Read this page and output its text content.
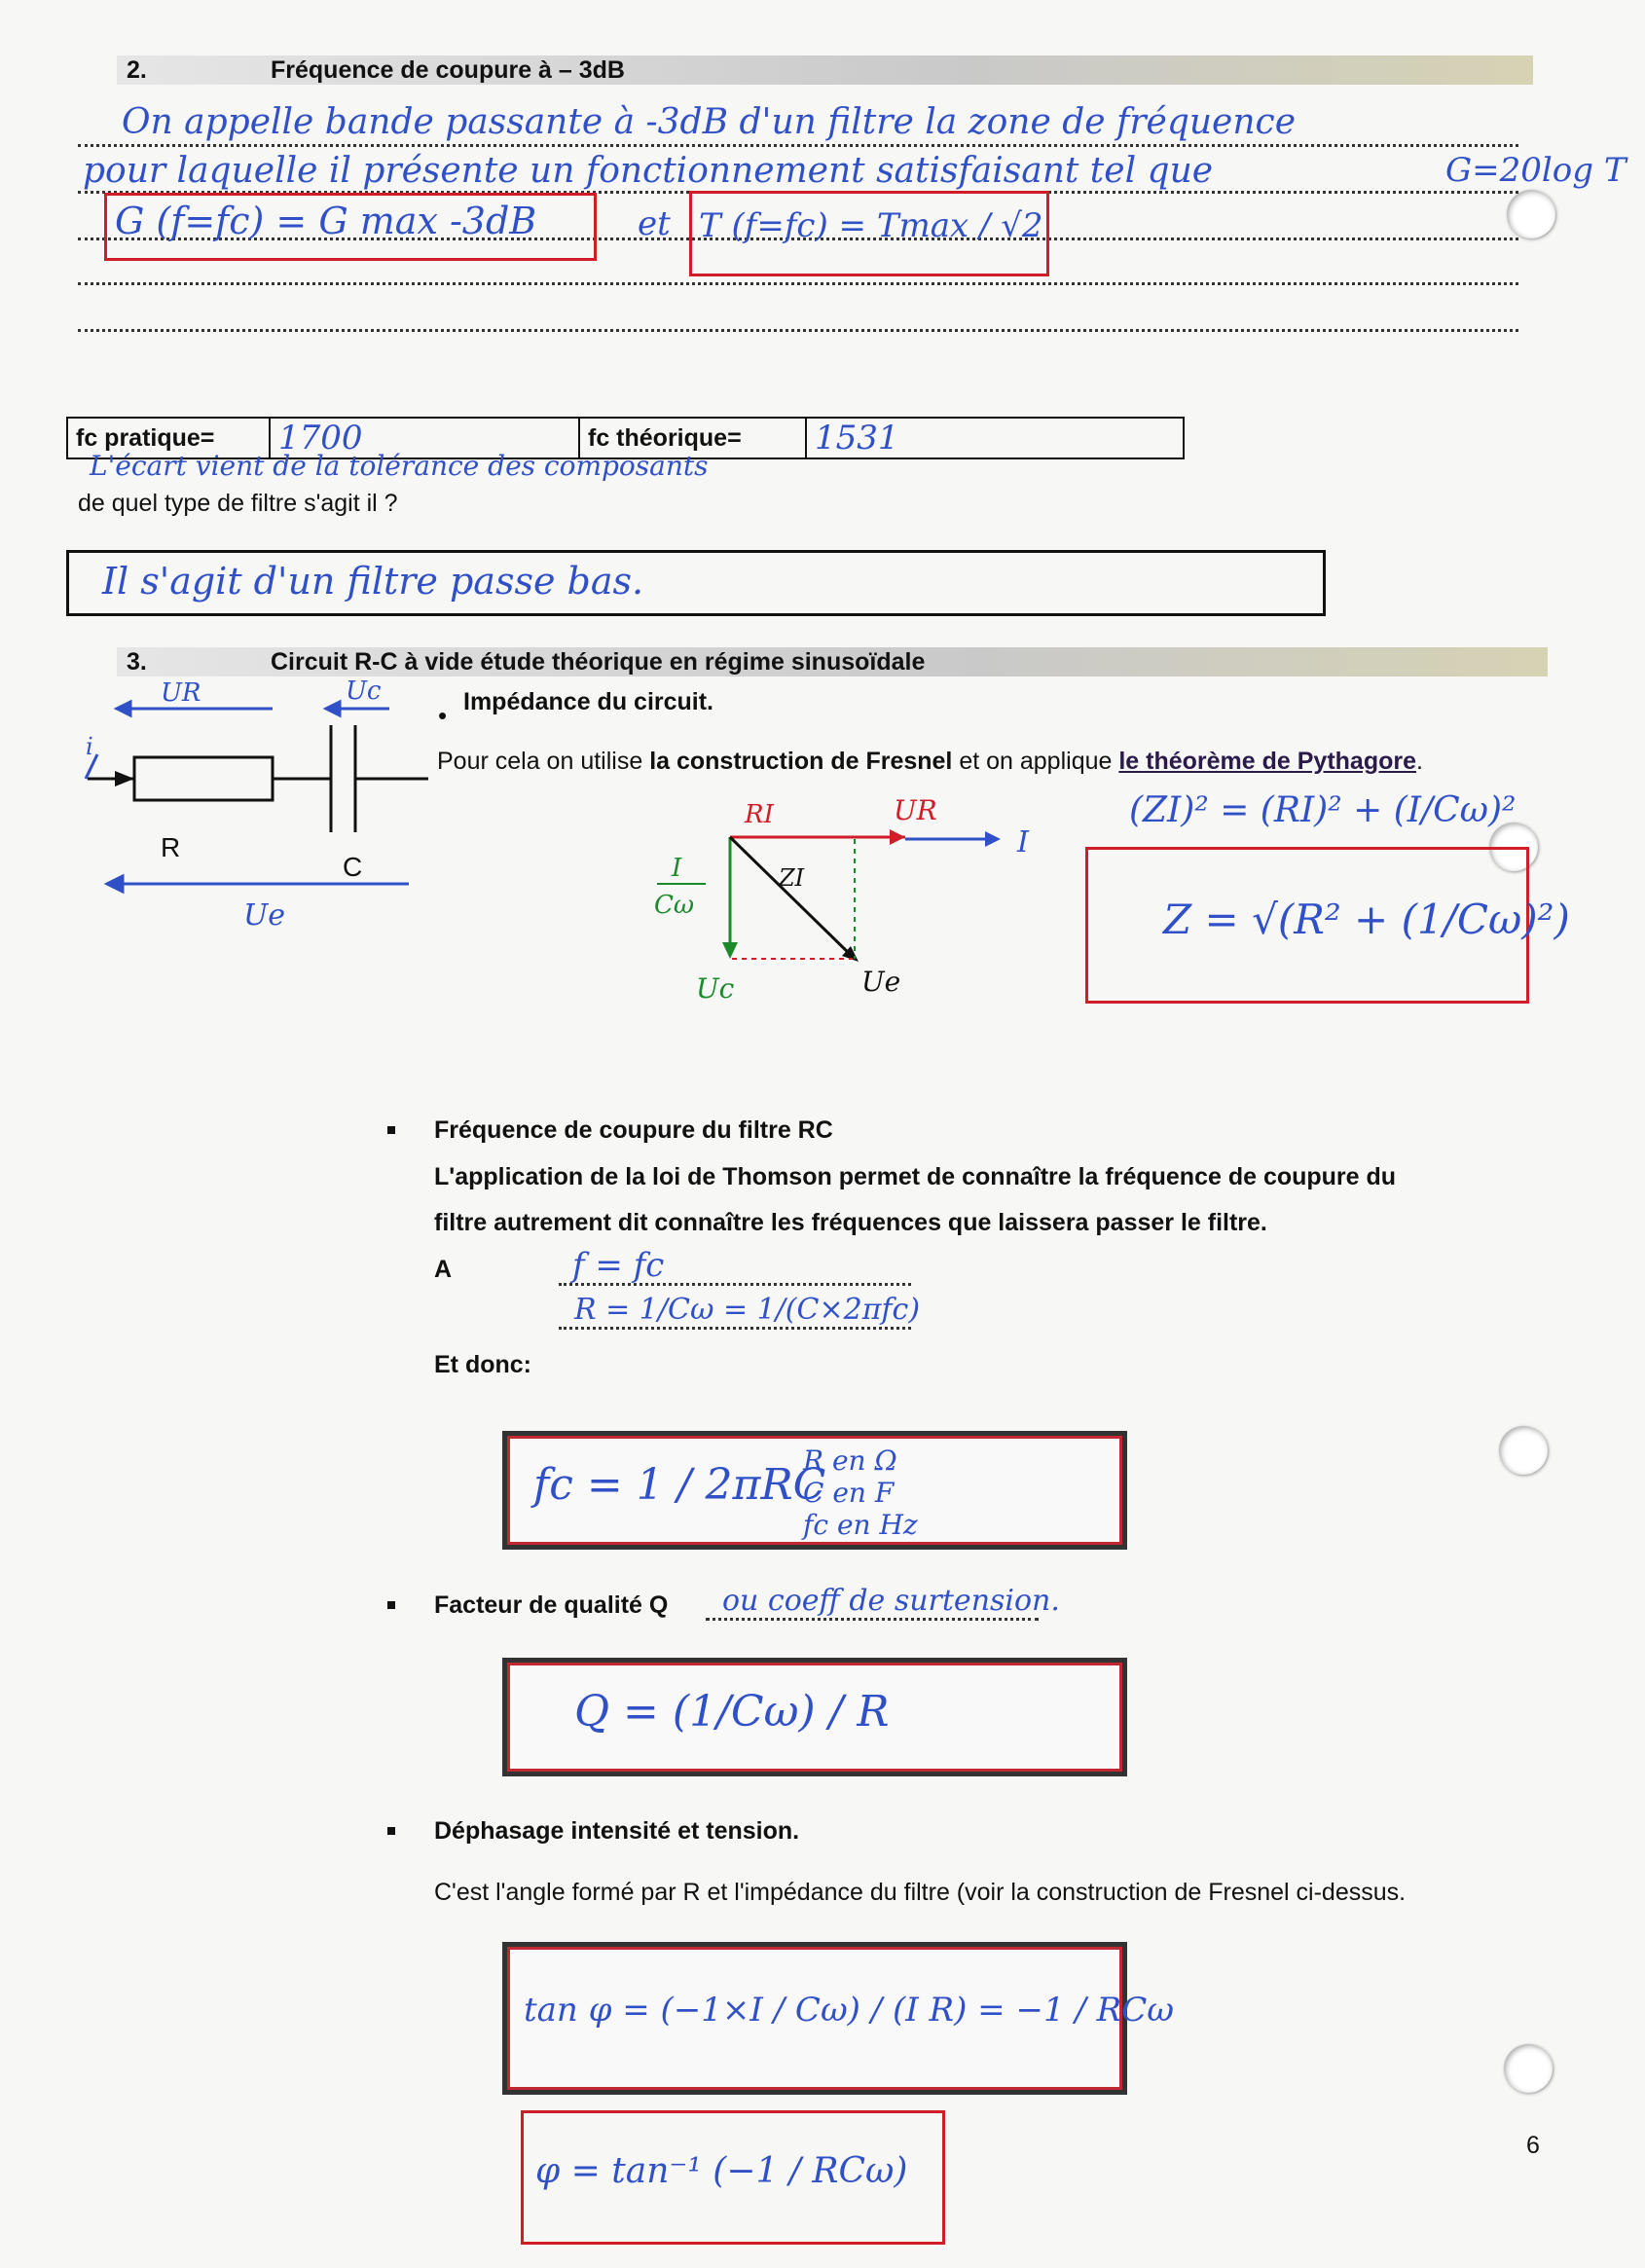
2.	Fréquence de coupure à – 3dB
On appelle bande passante à -3dB d'un filtre la zone de fréquence
pour laquelle il présente un fonctionnement satisfaisant tel que	G=20log T
G (f=fc) = G max -3dB	et T (f=fc) = Tmax / √2
fc pratique=	1700	fc théorique=	1531
L'écart vient de la tolérance des composants
de quel type de filtre s'agit il ?
Il s'agit d'un filtre passe bas.
3.	Circuit R-C à vide étude théorique en régime sinusoïdale
• Impédance du circuit.
Pour cela on utilise la construction de Fresnel et on applique le théorème de Pythagore.
UR	Uc
i
R
C
Ue
RI	UR
I
ZI
I
Cω
Uc	Ue
(ZI)² = (RI)² + (I/Cω)²
Z = √(R² + (1/Cω)²)
Fréquence de coupure du filtre RC
L'application de la loi de Thomson permet de connaître la fréquence de coupure du
filtre autrement dit connaître les fréquences que laissera passer le filtre.
A	f = fc
R = 1/Cω = 1/(C×2πfc)
Et donc:
fc = 1 / 2πRC
R en Ω
C en F
fc en Hz
Facteur de qualité Q ou coeff de surtension.
Q = (1/Cω) / R
Déphasage intensité et tension.
C'est l'angle formé par R et l'impédance du filtre (voir la construction de Fresnel ci-dessus.
tan φ = (−1×I / Cω) / (I R) = −1 / RCω
φ = tan⁻¹ (−1 / RCω)
6
